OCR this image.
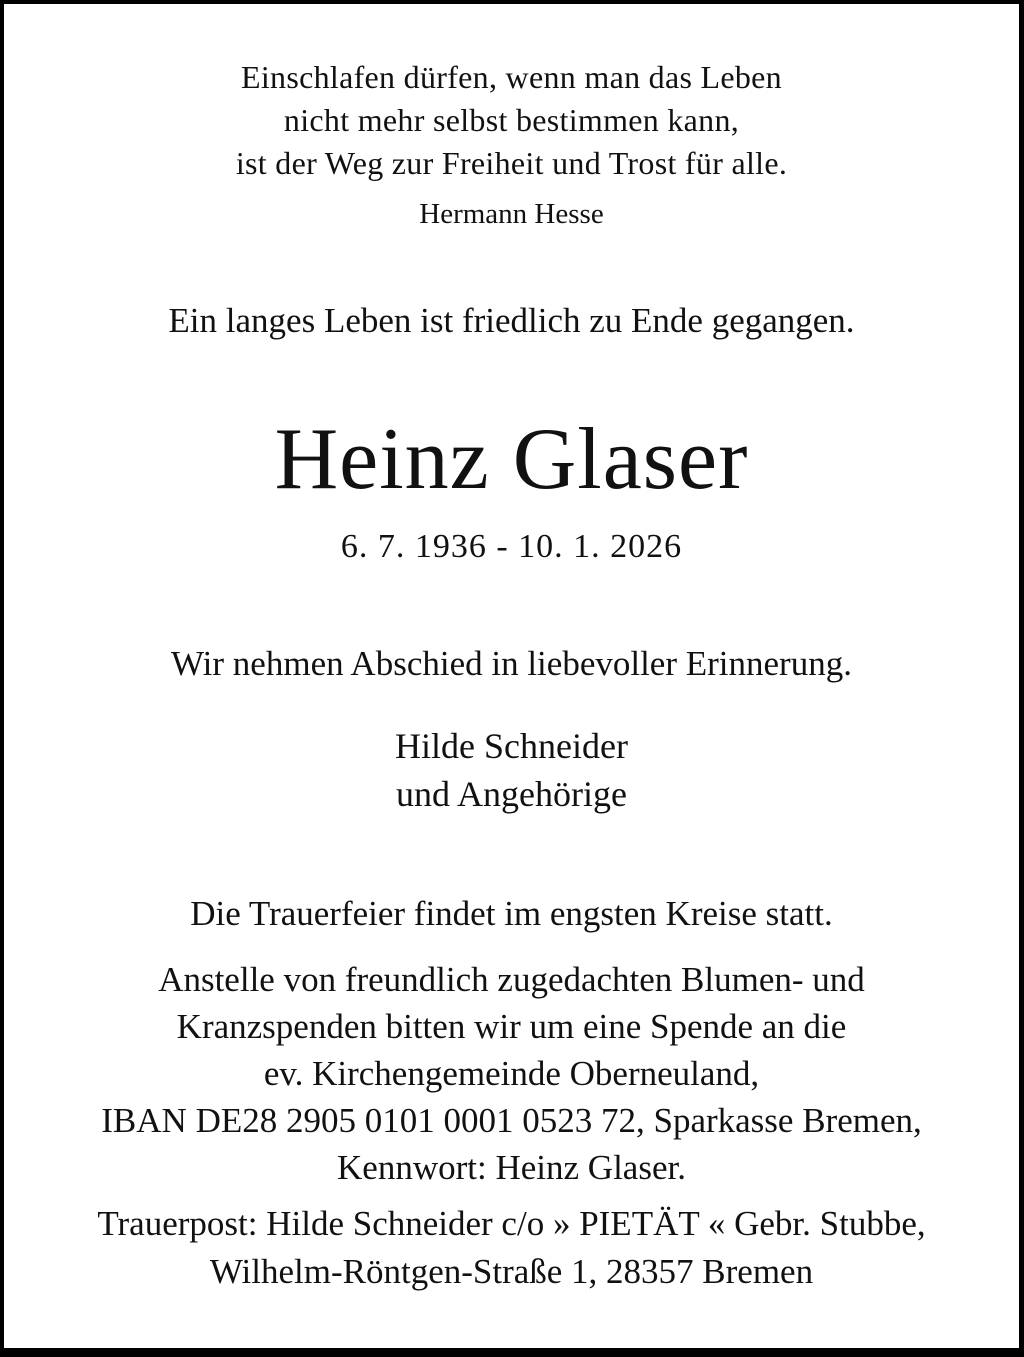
Einschlafen dürfen, wenn man das Leben
nicht mehr selbst bestimmen kann,
ist der Weg zur Freiheit und Trost für alle.
Hermann Hesse
Ein langes Leben ist friedlich zu Ende gegangen.
Heinz Glaser
6. 7. 1936 - 10. 1. 2026
Wir nehmen Abschied in liebevoller Erinnerung.
Hilde Schneider
und Angehörige
Die Trauerfeier findet im engsten Kreise statt.
Anstelle von freundlich zugedachten Blumen- und
Kranzspenden bitten wir um eine Spende an die
ev. Kirchengemeinde Oberneuland,
IBAN DE28 2905 0101 0001 0523 72, Sparkasse Bremen,
Kennwort: Heinz Glaser.
Trauerpost: Hilde Schneider c/o » PIETÄT « Gebr. Stubbe,
Wilhelm-Röntgen-Straße 1, 28357 Bremen
